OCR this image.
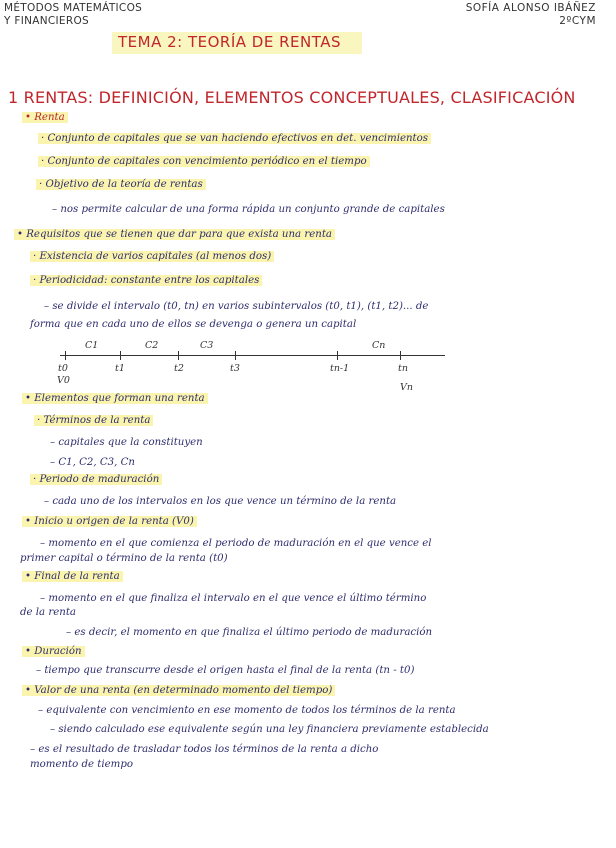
MÉTODOS MATEMÁTICOS
Y FINANCIEROS
SOFÍA ALONSO IBÁÑEZ
2ºCYM
TEMA 2: TEORÍA DE RENTAS
1 RENTAS: DEFINICIÓN, ELEMENTOS CONCEPTUALES, CLASIFICACIÓN
• Renta
· Conjunto de capitales que se van haciendo efectivos en det. vencimientos
· Conjunto de capitales con vencimiento periódico en el tiempo
· Objetivo de la teoría de rentas
– nos permite calcular de una forma rápida un conjunto grande de capitales
• Requisitos que se tienen que dar para que exista una renta
· Existencia de varios capitales (al menos dos)
· Periodicidad: constante entre los capitales
– se divide el intervalo (t0, tn) en varios subintervalos (t0, t1), (t1, t2)... de
forma que en cada uno de ellos se devenga o genera un capital
C1	C2	C3	Cn
t0	t1	t2	t3	tn-1	tn
V0
Vn
• Elementos que forman una renta
· Términos de la renta
– capitales que la constituyen
– C1, C2, C3, Cn
· Periodo de maduración
– cada uno de los intervalos en los que vence un término de la renta
• Inicio u origen de la renta (V0)
– momento en el que comienza el periodo de maduración en el que vence el
primer capital o término de la renta (t0)
• Final de la renta
– momento en el que finaliza el intervalo en el que vence el último término
de la renta
– es decir, el momento en que finaliza el último periodo de maduración
• Duración
– tiempo que transcurre desde el origen hasta el final de la renta (tn - t0)
• Valor de una renta (en determinado momento del tiempo)
– equivalente con vencimiento en ese momento de todos los términos de la renta
– siendo calculado ese equivalente según una ley financiera previamente establecida
– es el resultado de trasladar todos los términos de la renta a dicho
momento de tiempo
